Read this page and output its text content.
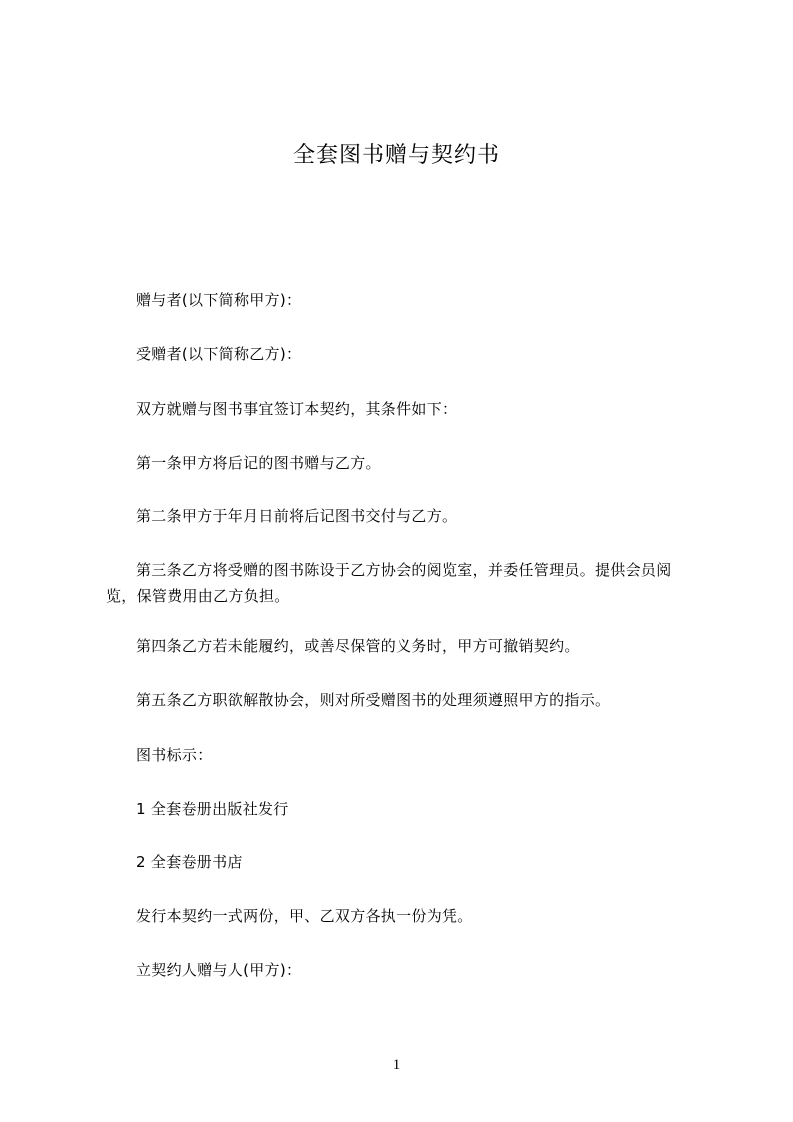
全套图书赠与契约书

赠与者(以下简称甲方)：

受赠者(以下简称乙方)：

双方就赠与图书事宜签订本契约，其条件如下：

第一条甲方将后记的图书赠与乙方。

第二条甲方于年月日前将后记图书交付与乙方。

第三条乙方将受赠的图书陈设于乙方协会的阅览室，并委任管理员。提供会员阅览，保管费用由乙方负担。

第四条乙方若未能履约，或善尽保管的义务时，甲方可撤销契约。

第五条乙方职欲解散协会，则对所受赠图书的处理须遵照甲方的指示。

图书标示：

1 全套卷册出版社发行

2 全套卷册书店

发行本契约一式两份，甲、乙双方各执一份为凭。

立契约人赠与人(甲方)：

1
